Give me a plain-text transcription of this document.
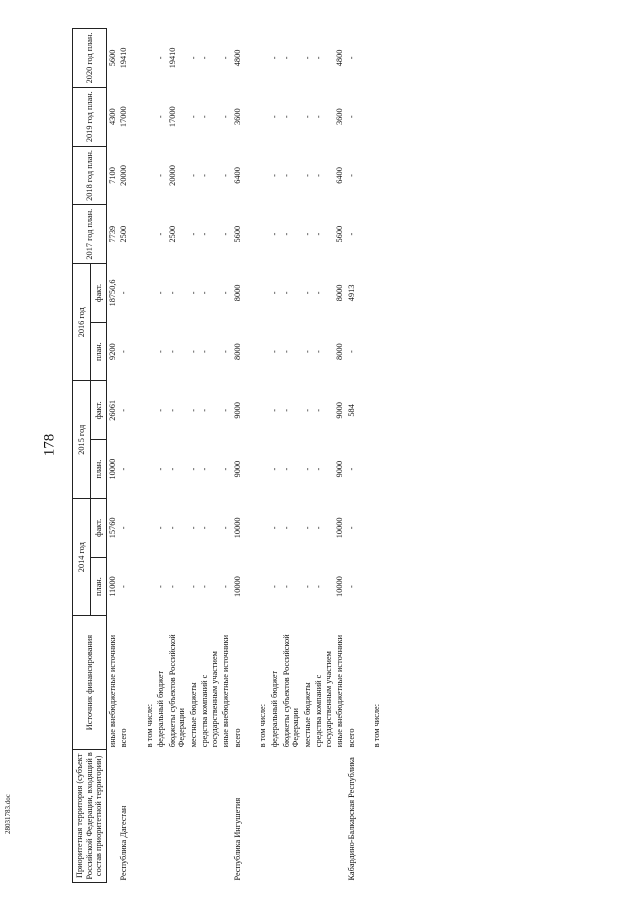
178
Приоритетная территория (субъект Российской Федерации, входящий в состав приоритетной территории)	Источник финансирования	2014 год		2015 год		2016 год		2017 год план.	2018 год план.	2019 год план.	2020 год план.
		план.	факт.	план.	факт.	план.	факт.				
	иные внебюджетные источники	11000	15760	10000	26061	9200	18750,6	7739	7100	4300	5600
Республика Дагестан	всего	-	-	-	-	-	-	2500	20000	17000	19410

	в том числе:										
	федеральный бюджет	-	-	-	-	-	-	-	-	-	-
	бюджеты субъектов Российской Федерации	-	-	-	-	-	-	2500	20000	17000	19410
	местные бюджеты	-	-	-	-	-	-	-	-	-	-
	средства компаний с государственным участием	-	-	-	-	-	-	-	-	-	-
	иные внебюджетные источники	-	-	-	-	-	-	-	-	-	-
Республика Ингушетия	всего	10000	10000	9000	9000	8000	8000	5600	6400	3600	4800

	в том числе:										
	федеральный бюджет	-	-	-	-	-	-	-	-	-	-
	бюджеты субъектов Российской Федерации	-	-	-	-	-	-	-	-	-	-
	местные бюджеты	-	-	-	-	-	-	-	-	-	-
	средства компаний с государственным участием	-	-	-	-	-	-	-	-	-	-
	иные внебюджетные источники	10000	10000	9000	9000	8000	8000	5600	6400	3600	4800
Кабардино-Балкарская Республика	всего	-	-	-	584	-	4913	-	-	-	-

	в том числе:										
28031783.doc
